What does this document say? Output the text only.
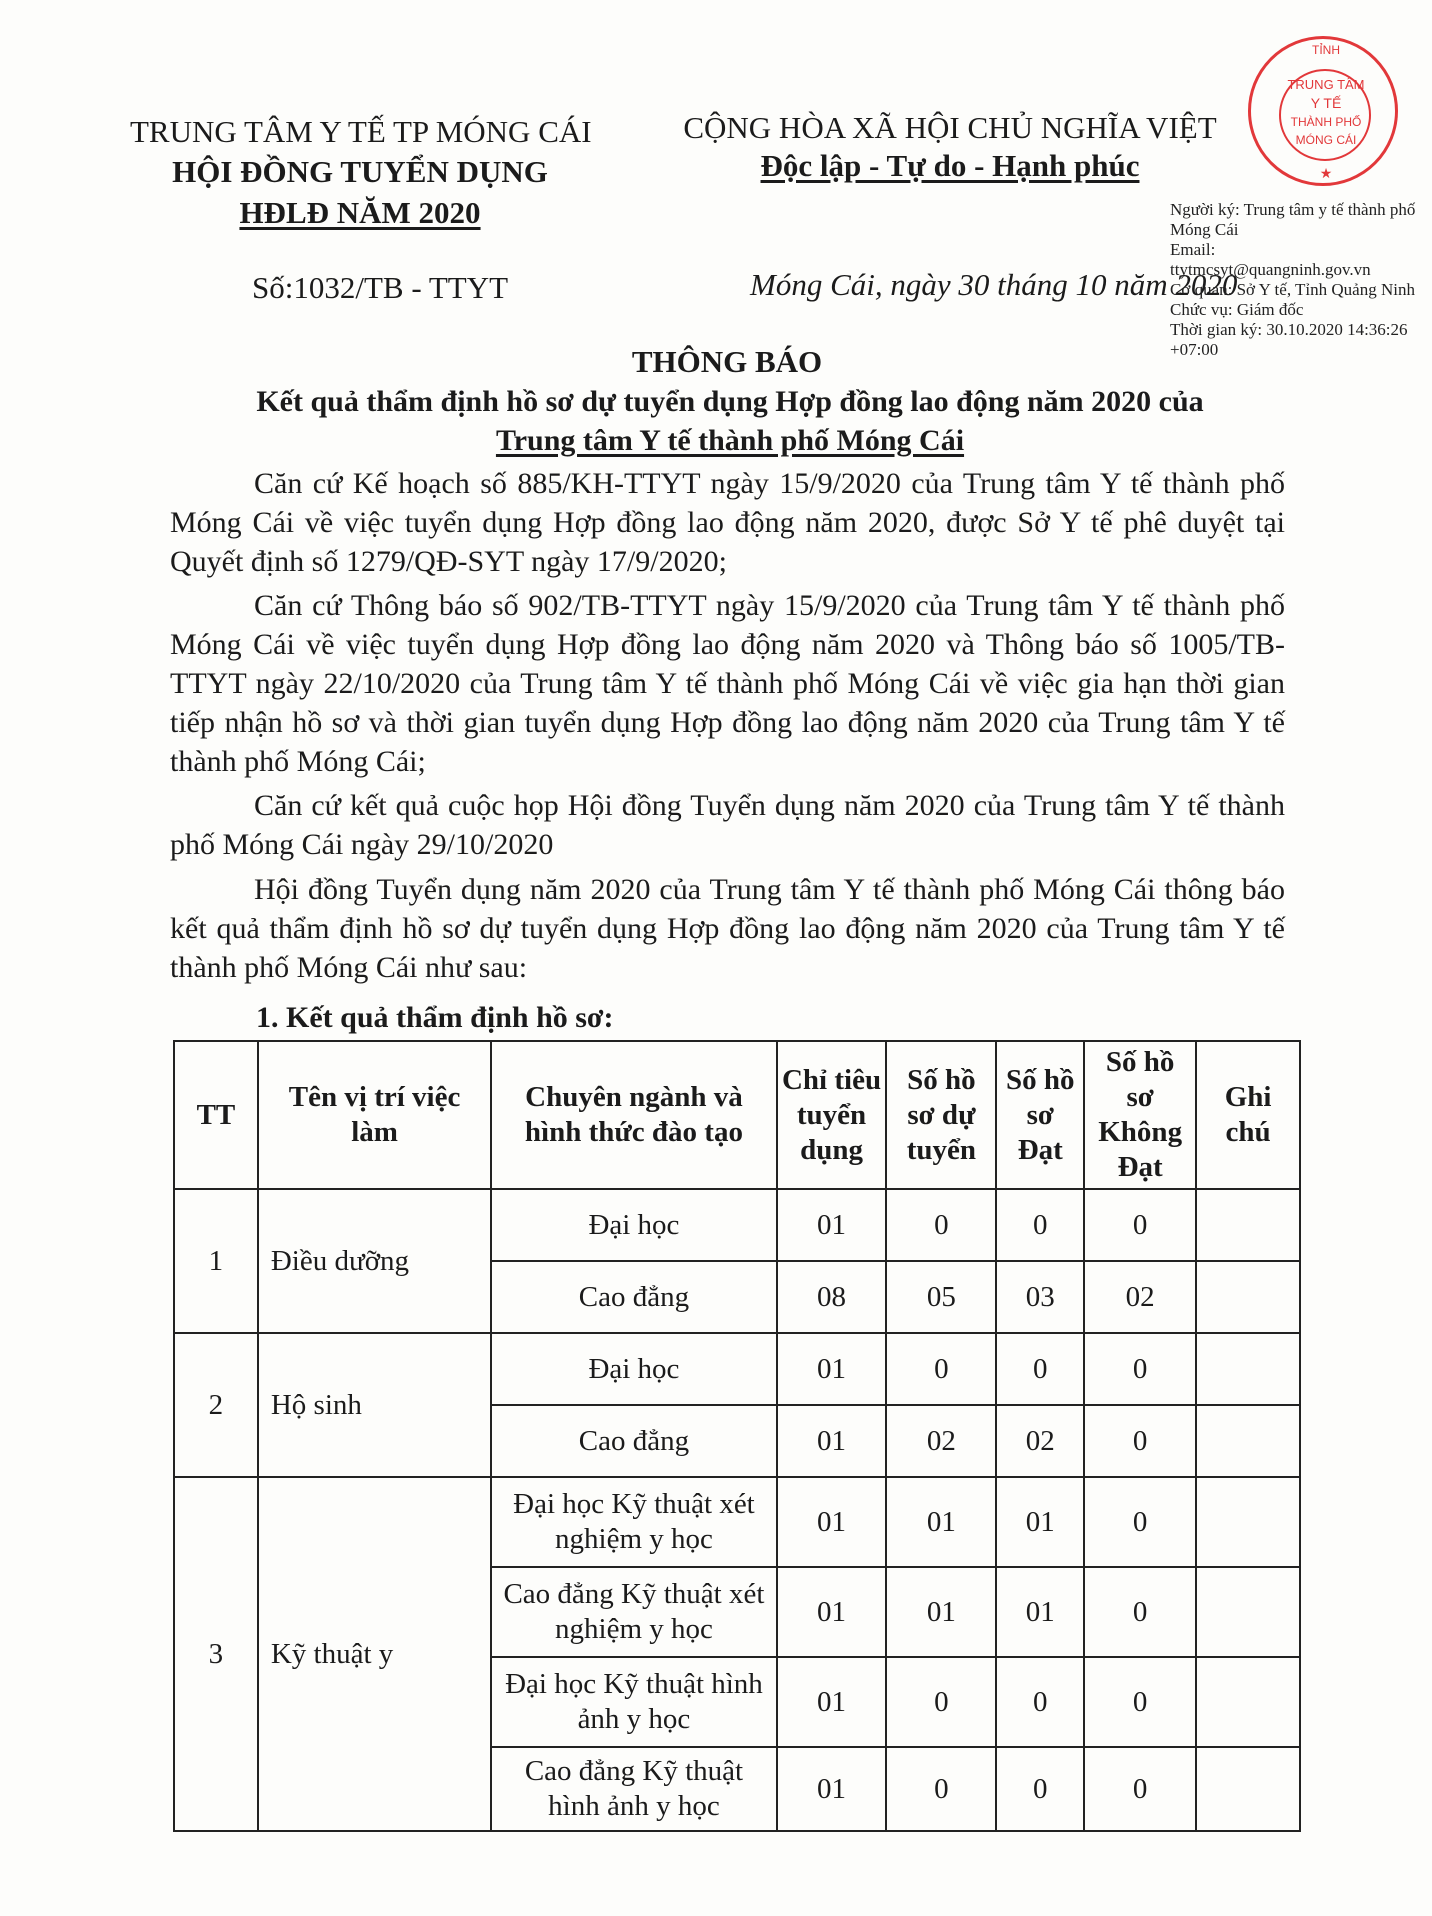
TRUNG TÂM Y TẾ TP MÓNG CÁI
HỘI ĐỒNG TUYỂN DỤNG
HĐLĐ NĂM 2020
CỘNG HÒA XÃ HỘI CHỦ NGHĨA VIỆT
Độc lập - Tự do - Hạnh phúc
Số:1032/TB - TTYT	Móng Cái, ngày 30 tháng 10 năm 2020
TỈNH
TRUNG TÂM
Y TẾ
THÀNH PHỐ
MÓNG CÁI
★
Người ký: Trung tâm y tế thành phố Móng Cái
Email: ttytmcsyt@quangninh.gov.vn
Cơ quan: Sở Y tế, Tỉnh Quảng Ninh
Chức vụ: Giám đốc
Thời gian ký: 30.10.2020 14:36:26 +07:00
THÔNG BÁO
Kết quả thẩm định hồ sơ dự tuyển dụng Hợp đồng lao động năm 2020 của
Trung tâm Y tế thành phố Móng Cái
Căn cứ Kế hoạch số 885/KH-TTYT ngày 15/9/2020 của Trung tâm Y tế thành phố Móng Cái về việc tuyển dụng Hợp đồng lao động năm 2020, được Sở Y tế phê duyệt tại Quyết định số 1279/QĐ-SYT ngày 17/9/2020;
Căn cứ Thông báo số 902/TB-TTYT ngày 15/9/2020 của Trung tâm Y tế thành phố Móng Cái về việc tuyển dụng Hợp đồng lao động năm 2020 và Thông báo số 1005/TB-TTYT ngày 22/10/2020 của Trung tâm Y tế thành phố Móng Cái về việc gia hạn thời gian tiếp nhận hồ sơ và thời gian tuyển dụng Hợp đồng lao động năm 2020 của Trung tâm Y tế thành phố Móng Cái;
Căn cứ kết quả cuộc họp Hội đồng Tuyển dụng năm 2020 của Trung tâm Y tế thành phố Móng Cái ngày 29/10/2020
Hội đồng Tuyển dụng năm 2020 của Trung tâm Y tế thành phố Móng Cái thông báo kết quả thẩm định hồ sơ dự tuyển dụng Hợp đồng lao động năm 2020 của Trung tâm Y tế thành phố Móng Cái như sau:
1. Kết quả thẩm định hồ sơ:
TT	Tên vị trí việc làm	Chuyên ngành và hình thức đào tạo	Chỉ tiêu tuyển dụng	Số hồ sơ dự tuyển	Số hồ sơ Đạt	Số hồ sơ Không Đạt	Ghi chú
1	Điều dưỡng	Đại học	01	0	0	0	
		Cao đẳng	08	05	03	02	
2	Hộ sinh	Đại học	01	0	0	0	
		Cao đẳng	01	02	02	0	
3	Kỹ thuật y	Đại học Kỹ thuật xét nghiệm y học	01	01	01	0	
		Cao đẳng Kỹ thuật xét nghiệm y học	01	01	01	0	
		Đại học Kỹ thuật hình ảnh y học	01	0	0	0	
		Cao đẳng Kỹ thuật hình ảnh y học	01	0	0	0	
